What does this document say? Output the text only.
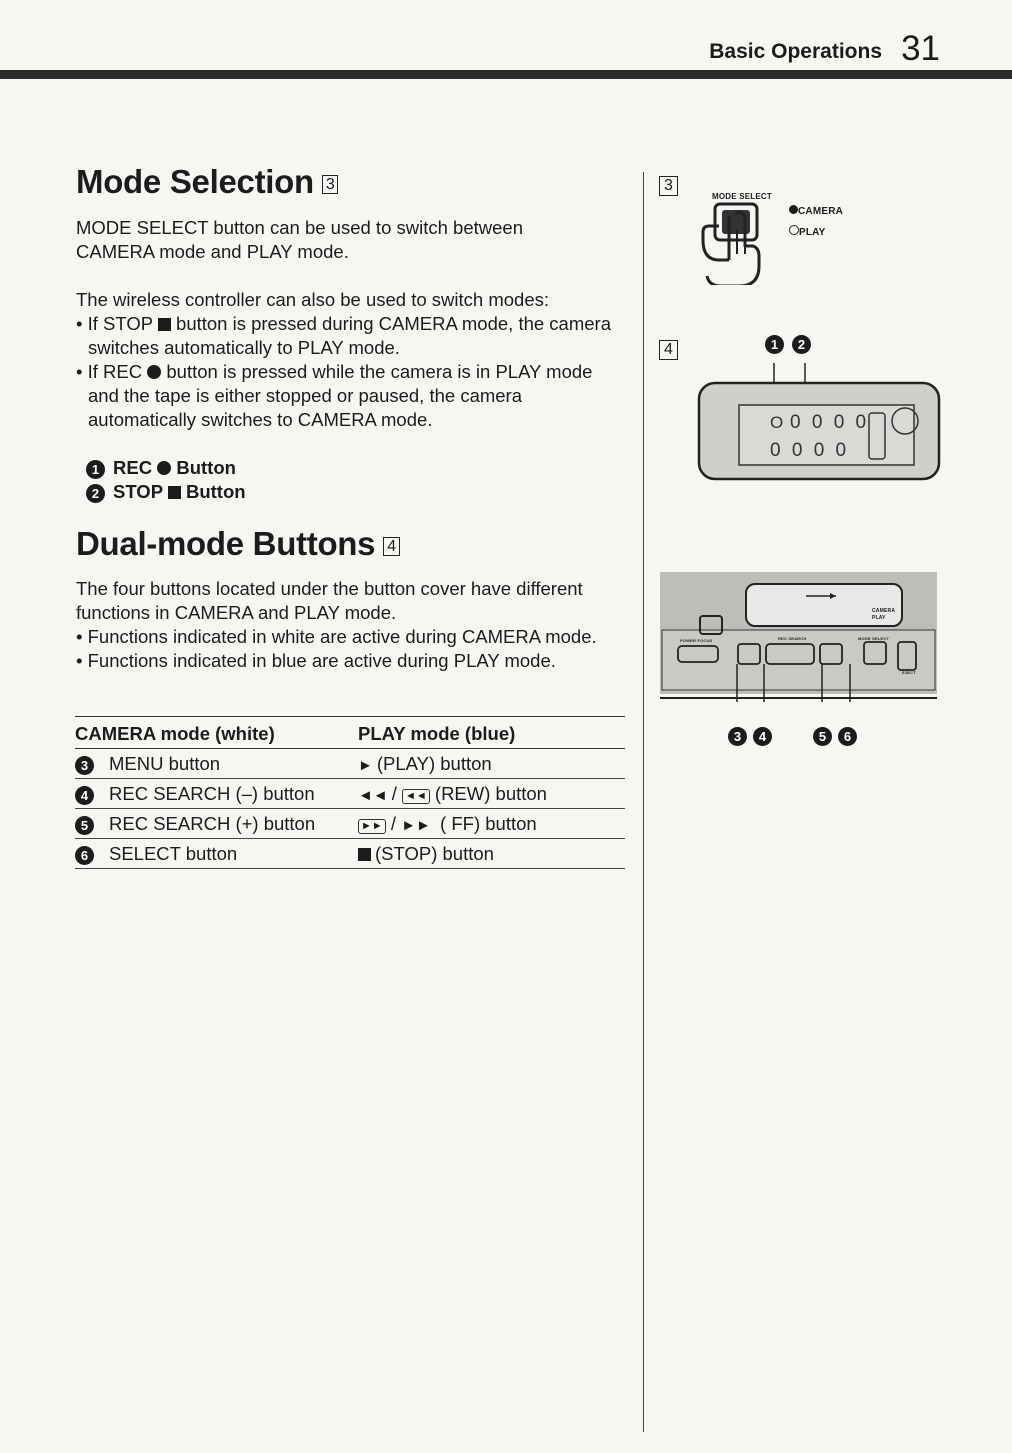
Basic Operations 31
Mode Selection 3
MODE SELECT button can be used to switch between CAMERA mode and PLAY mode.
The wireless controller can also be used to switch modes:
• If STOP button is pressed during CAMERA mode, the camera switches automatically to PLAY mode.
• If REC button is pressed while the camera is in PLAY mode and the tape is either stopped or paused, the camera automatically switches to CAMERA mode.
1 REC Button
2 STOP Button
Dual-mode Buttons 4
The four buttons located under the button cover have different functions in CAMERA and PLAY mode.
• Functions indicated in white are active during CAMERA mode.
• Functions indicated in blue are active during PLAY mode.
CAMERA mode (white)	PLAY mode (blue)
3 MENU button	► (PLAY) button
4 REC SEARCH (–) button	◄◄ / ◄◄ (REW) button
5 REC SEARCH (+) button	►► / ►► ( FF) button
6 SELECT button	(STOP) button
3
MODE SELECT
CAMERA
PLAY
4	1 2
O 0 0 0 0
0 0 0 0
CAMERA
PLAY
POWER FOCUS	REC SEARCH	MODE SELECT
EJECT
3 4	5 6
